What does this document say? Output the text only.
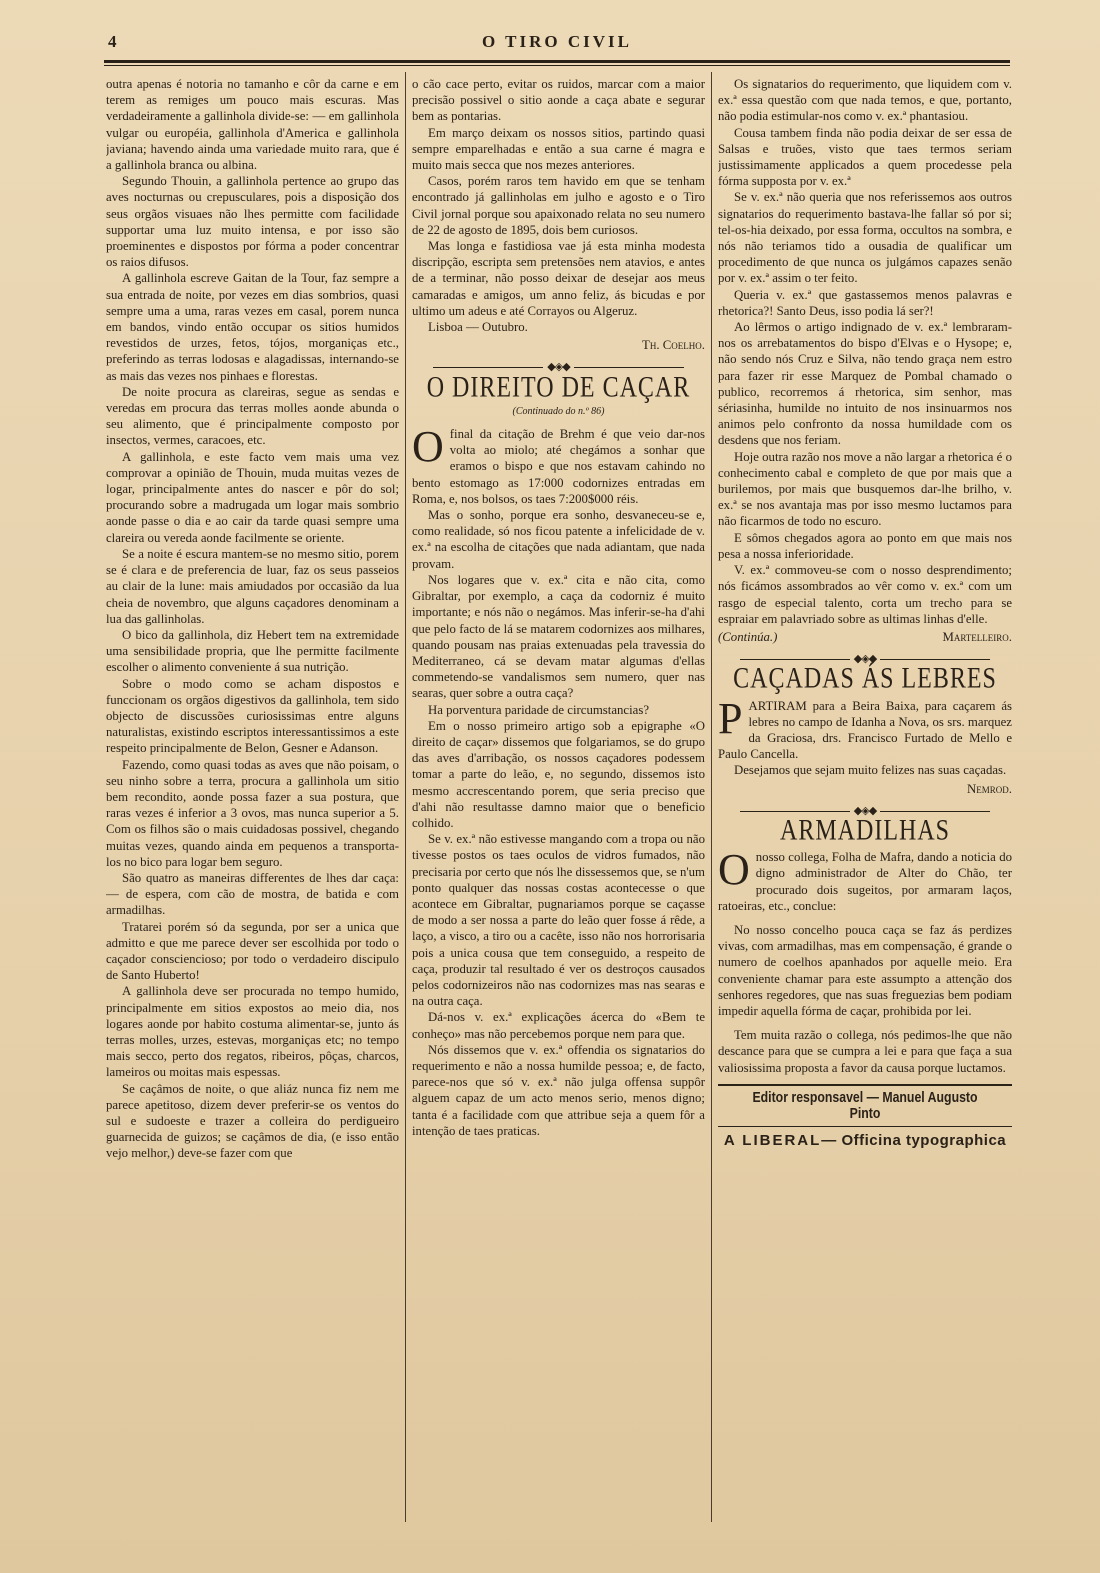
4	O TIRO CIVIL

outra apenas é notoria no tamanho e côr da carne e em terem as remiges um pouco mais escuras. Mas verdadeiramente a gallinhola divide-se: — em gallinhola vulgar ou européia, gallinhola d'America e gallinhola javiana; havendo ainda uma variedade muito rara, que é a gallinhola branca ou albina.

Segundo Thouin, a gallinhola pertence ao grupo das aves nocturnas ou crepusculares, pois a disposição dos seus orgãos visuaes não lhes permitte com facilidade supportar uma luz muito intensa, e por isso são proeminentes e dispostos por fórma a poder concentrar os raios difusos.

A gallinhola escreve Gaitan de la Tour, faz sempre a sua entrada de noite, por vezes em dias sombrios, quasi sempre uma a uma, raras vezes em casal, porem nunca em bandos, vindo então occupar os sitios humidos revestidos de urzes, fetos, tójos, morganiças etc., preferindo as terras lodosas e alagadissas, internando-se as mais das vezes nos pinhaes e florestas.

De noite procura as clareiras, segue as sendas e veredas em procura das terras molles aonde abunda o seu alimento, que é principalmente composto por insectos, vermes, caracoes, etc.

A gallinhola, e este facto vem mais uma vez comprovar a opinião de Thouin, muda muitas vezes de logar, principalmente antes do nascer e pôr do sol; procurando sobre a madrugada um logar mais sombrio aonde passe o dia e ao cair da tarde quasi sempre uma clareira ou vereda aonde facilmente se oriente.

Se a noite é escura mantem-se no mesmo sitio, porem se é clara e de preferencia de luar, faz os seus passeios au clair de la lune: mais amiudados por occasião da lua cheia de novembro, que alguns caçadores denominam a lua das gallinholas.

O bico da gallinhola, diz Hebert tem na extremidade uma sensibilidade propria, que lhe permitte facilmente escolher o alimento conveniente á sua nutrição.

Sobre o modo como se acham dispostos e funccionam os orgãos digestivos da gallinhola, tem sido objecto de discussões curiosissimas entre alguns naturalistas, existindo escriptos interessantissimos a este respeito principalmente de Belon, Gesner e Adanson.

Fazendo, como quasi todas as aves que não poisam, o seu ninho sobre a terra, procura a gallinhola um sitio bem recondito, aonde possa fazer a sua postura, que raras vezes é inferior a 3 ovos, mas nunca superior a 5. Com os filhos são o mais cuidadosas possivel, chegando muitas vezes, quando ainda em pequenos a transporta-los no bico para logar bem seguro.

São quatro as maneiras differentes de lhes dar caça: — de espera, com cão de mostra, de batida e com armadilhas.

Tratarei porém só da segunda, por ser a unica que admitto e que me parece dever ser escolhida por todo o caçador consciencioso; por todo o verdadeiro discipulo de Santo Huberto!

A gallinhola deve ser procurada no tempo humido, principalmente em sitios expostos ao meio dia, nos logares aonde por habito costuma alimentar-se, junto ás terras molles, urzes, estevas, morganiças etc; no tempo mais secco, perto dos regatos, ribeiros, pôças, charcos, lameiros ou moitas mais espessas.

Se caçâmos de noite, o que aliáz nunca fiz nem me parece apetitoso, dizem dever preferir-se os ventos do sul e sudoeste e trazer a colleira do perdigueiro guarnecida de guizos; se caçâmos de dia, (e isso então vejo melhor,) deve-se fazer com que

o cão cace perto, evitar os ruidos, marcar com a maior precisão possivel o sitio aonde a caça abate e segurar bem as pontarias.

Em março deixam os nossos sitios, partindo quasi sempre emparelhadas e então a sua carne é magra e muito mais secca que nos mezes anteriores.

Casos, porém raros tem havido em que se tenham encontrado já gallinholas em julho e agosto e o Tiro Civil jornal porque sou apaixonado relata no seu numero de 22 de agosto de 1895, dois bem curiosos.

Mas longa e fastidiosa vae já esta minha modesta discripção, escripta sem pretensões nem atavios, e antes de a terminar, não posso deixar de desejar aos meus camaradas e amigos, um anno feliz, ás bicudas e por ultimo um adeus e até Corrayos ou Algeruz.

Lisboa — Outubro.

Th. Coelho.

◆◈◆
O DIREITO DE CAÇAR
(Continuado do n.º 86)

Ofinal da citação de Brehm é que veio dar-nos volta ao miolo; até chegámos a sonhar que eramos o bispo e que nos estavam cahindo no bento estomago as 17:000 codornizes entradas em Roma, e, nos bolsos, os taes 7:200$000 réis.

Mas o sonho, porque era sonho, desvaneceu-se e, como realidade, só nos ficou patente a infelicidade de v. ex.ª na escolha de citações que nada adiantam, que nada provam.

Nos logares que v. ex.ª cita e não cita, como Gibraltar, por exemplo, a caça da codorniz é muito importante; e nós não o negámos. Mas inferir-se-ha d'ahi que pelo facto de lá se matarem codornizes aos milhares, quando pousam nas praias extenuadas pela travessia do Mediterraneo, cá se devam matar algumas d'ellas commetendo-se vandalismos sem numero, quer nas searas, quer sobre a outra caça?

Ha porventura paridade de circumstancias?

Em o nosso primeiro artigo sob a epigraphe «O direito de caçar» dissemos que folgariamos, se do grupo das aves d'arribação, os nossos caçadores podessem tomar a parte do leão, e, no segundo, dissemos isto mesmo accrescentando porem, que seria preciso que d'ahi não resultasse damno maior que o beneficio colhido.

Se v. ex.ª não estivesse mangando com a tropa ou não tivesse postos os taes oculos de vidros fumados, não precisaria por certo que nós lhe dissessemos que, se n'um ponto qualquer das nossas costas acontecesse o que acontece em Gibraltar, pugnariamos porque se caçasse de modo a ser nossa a parte do leão quer fosse á rêde, a laço, a visco, a tiro ou a cacête, isso não nos horrorisaria pois a unica cousa que tem conseguido, a respeito de caça, produzir tal resultado é ver os destroços causados pelos codornizeiros não nas codornizes mas nas searas e na outra caça.

Dá-nos v. ex.ª explicações ácerca do «Bem te conheço» mas não percebemos porque nem para que.

Nós dissemos que v. ex.ª offendia os signatarios do requerimento e não a nossa humilde pessoa; e, de facto, parece-nos que só v. ex.ª não julga offensa suppôr alguem capaz de um acto menos serio, menos digno; tanta é a facilidade com que attribue seja a quem fôr a intenção de taes praticas.

Os signatarios do requerimento, que liquidem com v. ex.ª essa questão com que nada temos, e que, portanto, não podia estimular-nos como v. ex.ª phantasiou.

Cousa tambem finda não podia deixar de ser essa de Salsas e truões, visto que taes termos seriam justissimamente applicados a quem procedesse pela fórma supposta por v. ex.ª

Se v. ex.ª não queria que nos referissemos aos outros signatarios do requerimento bastava-lhe fallar só por si; tel-os-hia deixado, por essa forma, occultos na sombra, e nós não teriamos tido a ousadia de qualificar um procedimento de que nunca os julgámos capazes senão por v. ex.ª assim o ter feito.

Queria v. ex.ª que gastassemos menos palavras e rhetorica?! Santo Deus, isso podia lá ser?!

Ao lêrmos o artigo indignado de v. ex.ª lembraram-nos os arrebatamentos do bispo d'Elvas e o Hysope; e, não sendo nós Cruz e Silva, não tendo graça nem estro para fazer rir esse Marquez de Pombal chamado o publico, recorremos á rhetorica, sim senhor, mas sériasinha, humilde no intuito de nos insinuarmos nos animos pelo confronto da nossa humildade com os desdens que nos feriam.

Hoje outra razão nos move a não largar a rhetorica é o conhecimento cabal e completo de que por mais que a burilemos, por mais que busquemos dar-lhe brilho, v. ex.ª se nos avantaja mas por isso mesmo luctamos para não ficarmos de todo no escuro.

E sômos chegados agora ao ponto em que mais nos pesa a nossa inferioridade.

V. ex.ª commoveu-se com o nosso desprendimento; nós ficámos assombrados ao vêr como v. ex.ª com um rasgo de especial talento, corta um trecho para se espraiar em palavriado sobre as ultimas linhas d'elle.

(Continúa.)	Martelleiro.
◆◈◆
CAÇADAS ÁS LEBRES

PARTIRAM para a Beira Baixa, para caçarem ás lebres no campo de Idanha a Nova, os srs. marquez da Graciosa, drs. Francisco Furtado de Mello e Paulo Cancella.

Desejamos que sejam muito felizes nas suas caçadas.

Nemrod.

◆◈◆
ARMADILHAS

Onosso collega, Folha de Mafra, dando a noticia do digno administrador de Alter do Chão, ter procurado dois sugeitos, por armaram laços, ratoeiras, etc., conclue:

No nosso concelho pouca caça se faz ás perdizes vivas, com armadilhas, mas em compensação, é grande o numero de coelhos apanhados por aquelle meio. Era conveniente chamar para este assumpto a attenção dos senhores regedores, que nas suas freguezias bem podiam impedir aquella fórma de caçar, prohibida por lei.

Tem muita razão o collega, nós pedimos-lhe que não descance para que se cumpra a lei e para que faça a sua valiosissima proposta a favor da causa porque luctamos.

Editor responsavel — Manuel Augusto Pinto
A LIBERAL— Officina typographica
